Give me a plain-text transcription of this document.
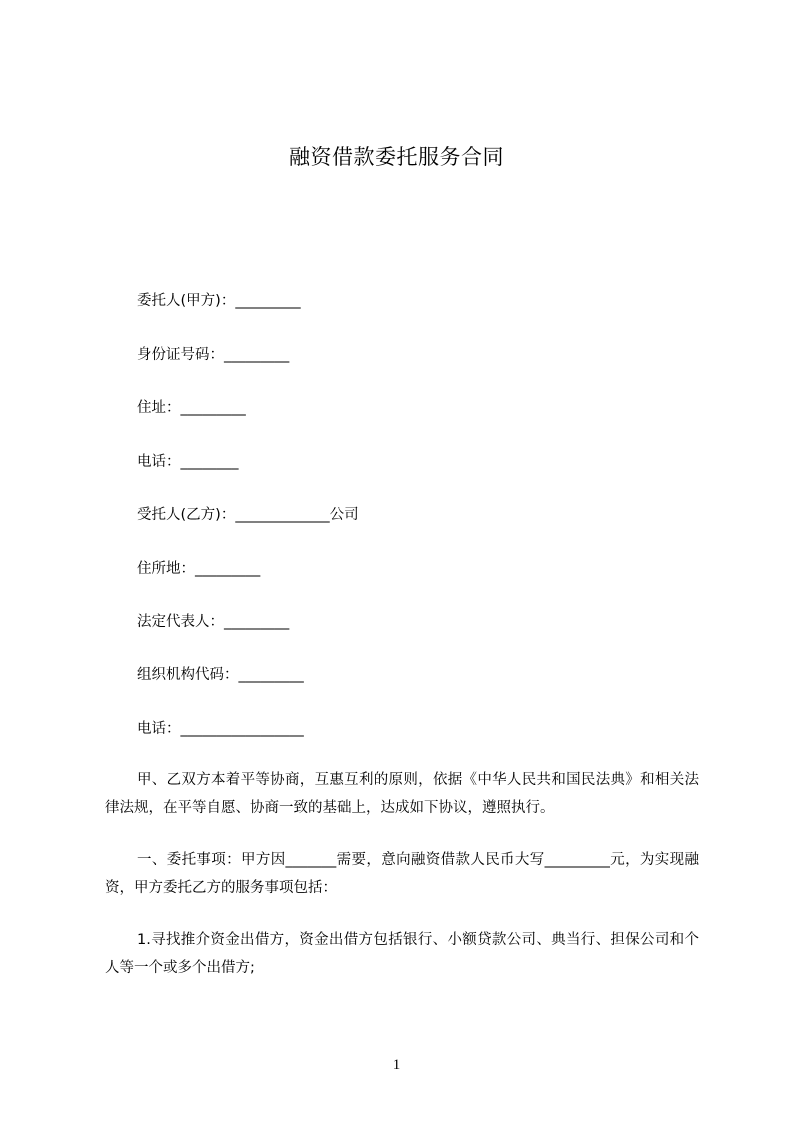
融资借款委托服务合同
委托人(甲方)：_________
身份证号码：_________
住址：_________
电话：________
受托人(乙方)：_____________公司
住所地：_________
法定代表人：_________
组织机构代码：_________
电话：_________________
甲、乙双方本着平等协商，互惠互利的原则，依据《中华人民共和国民法典》和相关法律法规，在平等自愿、协商一致的基础上，达成如下协议，遵照执行。
一、委托事项：甲方因_______需要，意向融资借款人民币大写_________元，为实现融资，甲方委托乙方的服务事项包括：
1.寻找推介资金出借方，资金出借方包括银行、小额贷款公司、典当行、担保公司和个人等一个或多个出借方;
1
